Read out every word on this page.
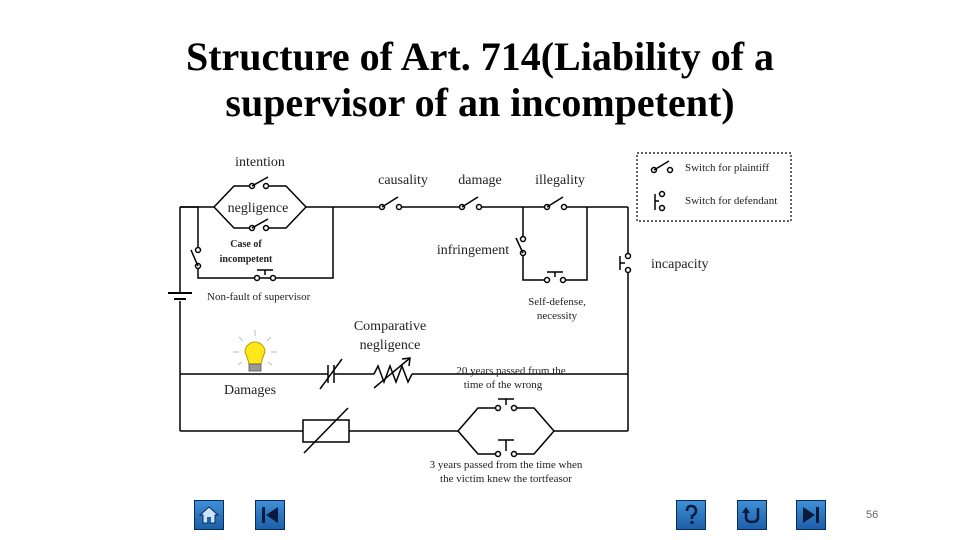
Structure of Art. 714(Liability of a
supervisor of an incompetent)
intention
negligence
Case of
incompetent
Non-fault of supervisor
causality damage illegality
infringement
Self-defense,
necessity
incapacity
Damages
Comparative
negligence
20 years passed from the
time of the wrong
3 years passed from the time when
the victim knew the tortfeasor
Switch for plaintiff
Switch for defendant
56
